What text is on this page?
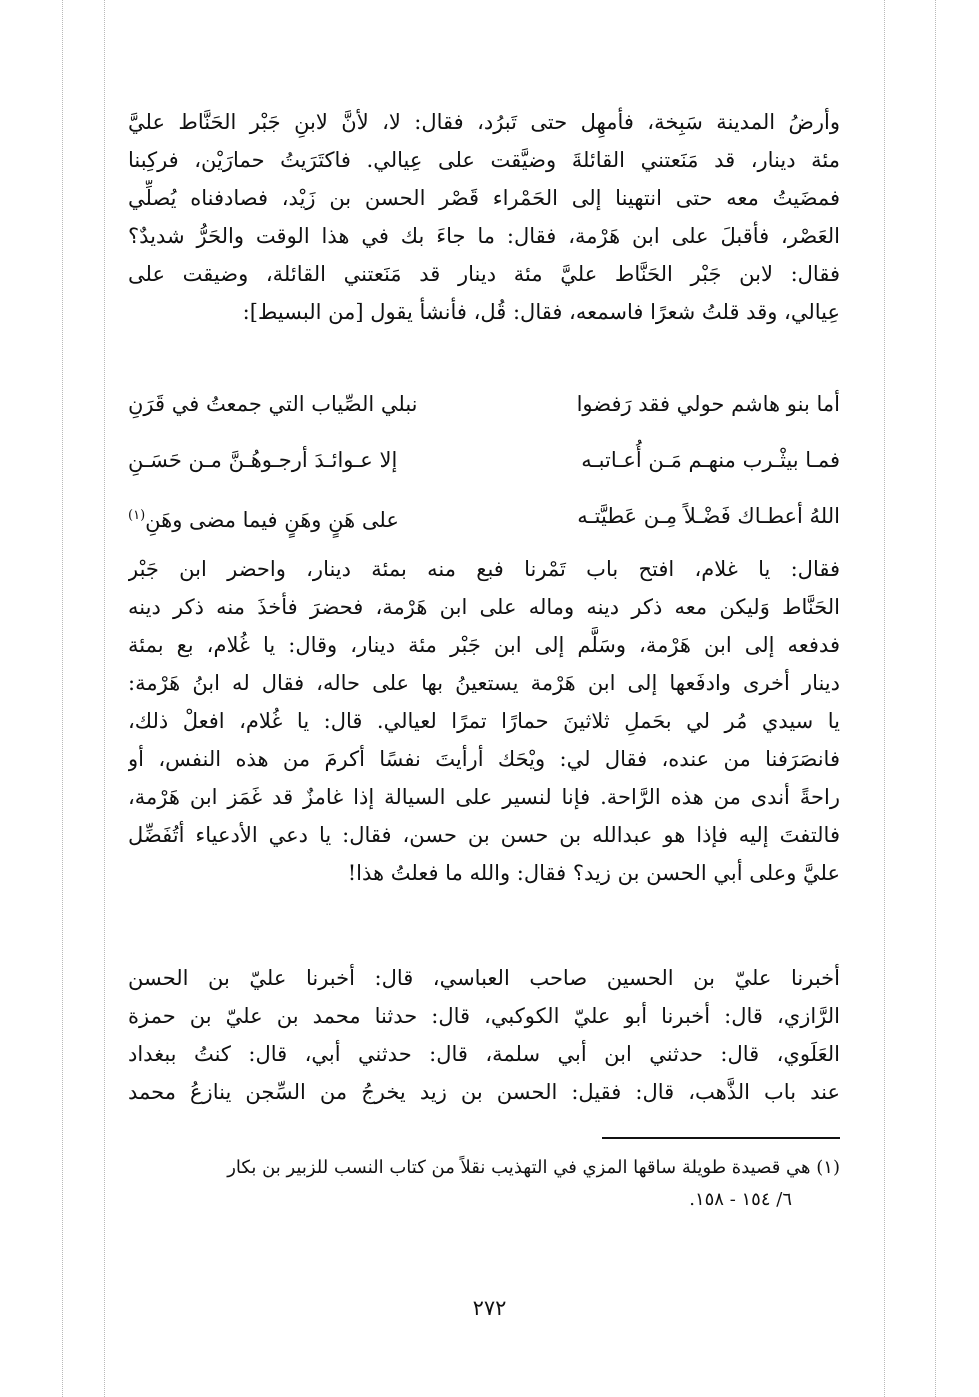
وأرضُ المدينة سَبِخة، فأمهِل حتى تَبرُد، فقال: لا، لأنَّ لابنِ جَبْر الحَنَّاط عليَّ
مئة دينار، قد مَنَعتني القائلةَ وضيَّقت على عِيالي. فاكتَرَيتُ حمارَيْن، فركِبنا
فمضَيتُ معه حتى انتهينا إلى الحَمْراء قَصْر الحسن بن زَيْد، فصادفناه يُصلِّي
العَصْر، فأقبلَ على ابن هَرْمة، فقال: ما جاءَ بك في هذا الوقت والحَرُّ شديدٌ؟
فقال: لابن جَبْر الحَنَّاط عليَّ مئة دينار قد مَنَعتني القائلة، وضيقت على
عِيالي، وقد قلتُ شعرًا فاسمعه، فقال: قُل، فأنشأ يقول [من البسيط]:
أما بنو هاشم حولي فقد رَفضوا
نبلي الصِّياب التي جمعتُ في قَرَنِ
فمـا بيثْـرب منهـم مَـن أُعـاتبـه
إلا عـوائـدَ أرجـوهُـنَّ مـن حَسَـنِ
اللهُ أعطـاك فَضْـلاً مِـن عَطيَّتـه
على هَنٍ وهَنٍ فيما مضى وهَنِ$^{(١)}$
فقال: يا غلام، افتح باب تَمْرنا فبع منه بمئة دينار، واحضر ابن جَبْر
الحَنَّاط وَليكن معه ذكر دينه وماله على ابن هَرْمة، فحضرَ فأخذَ منه ذكر دينه
فدفعه إلى ابن هَرْمة، وسَلَّم إلى ابن جَبْر مئة دينار، وقال: يا غُلام، بع بمئة
دينار أخرى وادفَعها إلى ابن هَرْمة يستعينُ بها على حاله، فقال له ابنُ هَرْمة:
يا سيدي مُر لي بحَملِ ثلاثينَ حمارًا تمرًا لعيالي. قال: يا غُلام، افعلْ ذلك،
فانصَرَفنا من عنده، فقال لي: ويْحَك أرأيتَ نفسًا أكرمَ من هذه النفس، أو
راحةً أندى من هذه الرَّاحة. فإنا لنسير على السيالة إذا غامزٌ قد غَمَز ابن هَرْمة،
فالتفتَ إليه فإذا هو عبدالله بن حسن بن حسن، فقال: يا دعي الأدعياء أتُفَضِّل
عليَّ وعلى أبي الحسن بن زيد؟ فقال: والله ما فعلتُ هذا!
أخبرنا عليّ بن الحسين صاحب العباسي، قال: أخبرنا عليّ بن الحسن
الرَّازي، قال: أخبرنا أبو عليّ الكوكبي، قال: حدثنا محمد بن عليّ بن حمزة
العَلَوي، قال: حدثني ابن أبي سلمة، قال: حدثني أبي، قال: كنتُ ببغداد
عند باب الذَّهب، قال: فقيل: الحسن بن زيد يخرجُ من السِّجن ينازعُ محمد
(١) هي قصيدة طويلة ساقها المزي في التهذيب نقلاً من كتاب النسب للزبير بن بكار
٦/ ١٥٤ - ١٥٨.
٢٧٢
